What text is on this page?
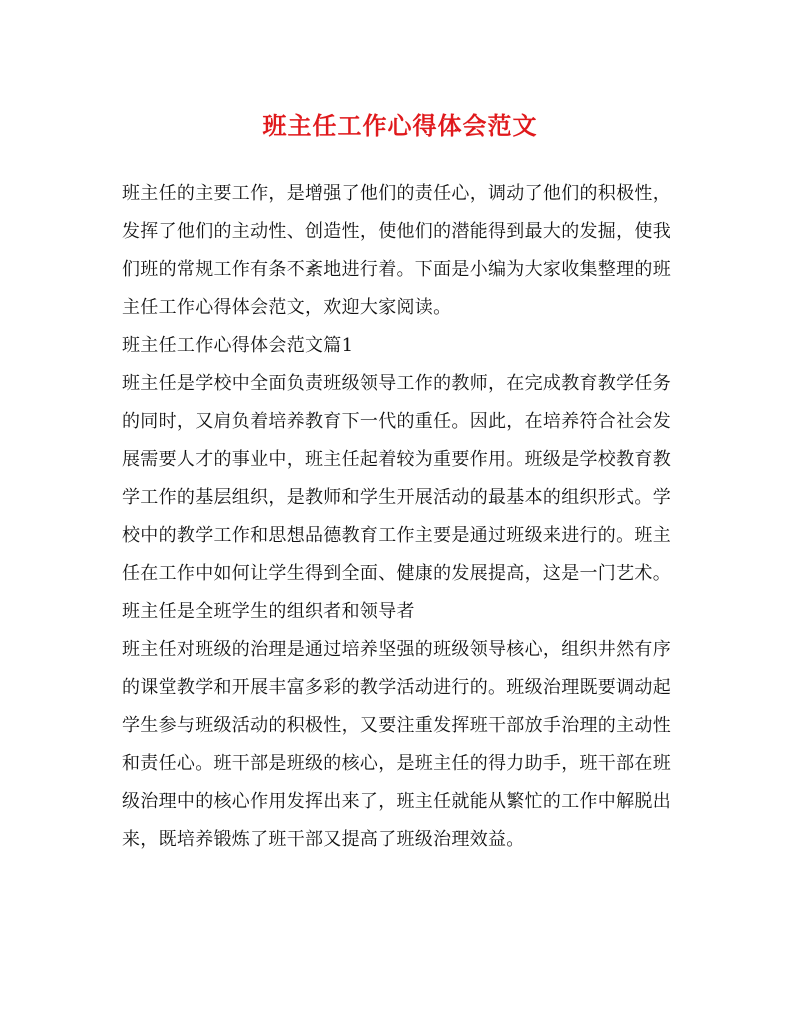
班主任工作心得体会范文

班主任的主要工作，是增强了他们的责任心，调动了他们的积极性，
发挥了他们的主动性、创造性，使他们的潜能得到最大的发掘，使我
们班的常规工作有条不紊地进行着。下面是小编为大家收集整理的班
主任工作心得体会范文，欢迎大家阅读。

班主任工作心得体会范文篇1

班主任是学校中全面负责班级领导工作的教师，在完成教育教学任务
的同时，又肩负着培养教育下一代的重任。因此，在培养符合社会发
展需要人才的事业中，班主任起着较为重要作用。班级是学校教育教
学工作的基层组织，是教师和学生开展活动的最基本的组织形式。学
校中的教学工作和思想品德教育工作主要是通过班级来进行的。班主
任在工作中如何让学生得到全面、健康的发展提高，这是一门艺术。

班主任是全班学生的组织者和领导者

班主任对班级的治理是通过培养坚强的班级领导核心，组织井然有序
的课堂教学和开展丰富多彩的教学活动进行的。班级治理既要调动起
学生参与班级活动的积极性，又要注重发挥班干部放手治理的主动性
和责任心。班干部是班级的核心，是班主任的得力助手，班干部在班
级治理中的核心作用发挥出来了，班主任就能从繁忙的工作中解脱出
来，既培养锻炼了班干部又提高了班级治理效益。
